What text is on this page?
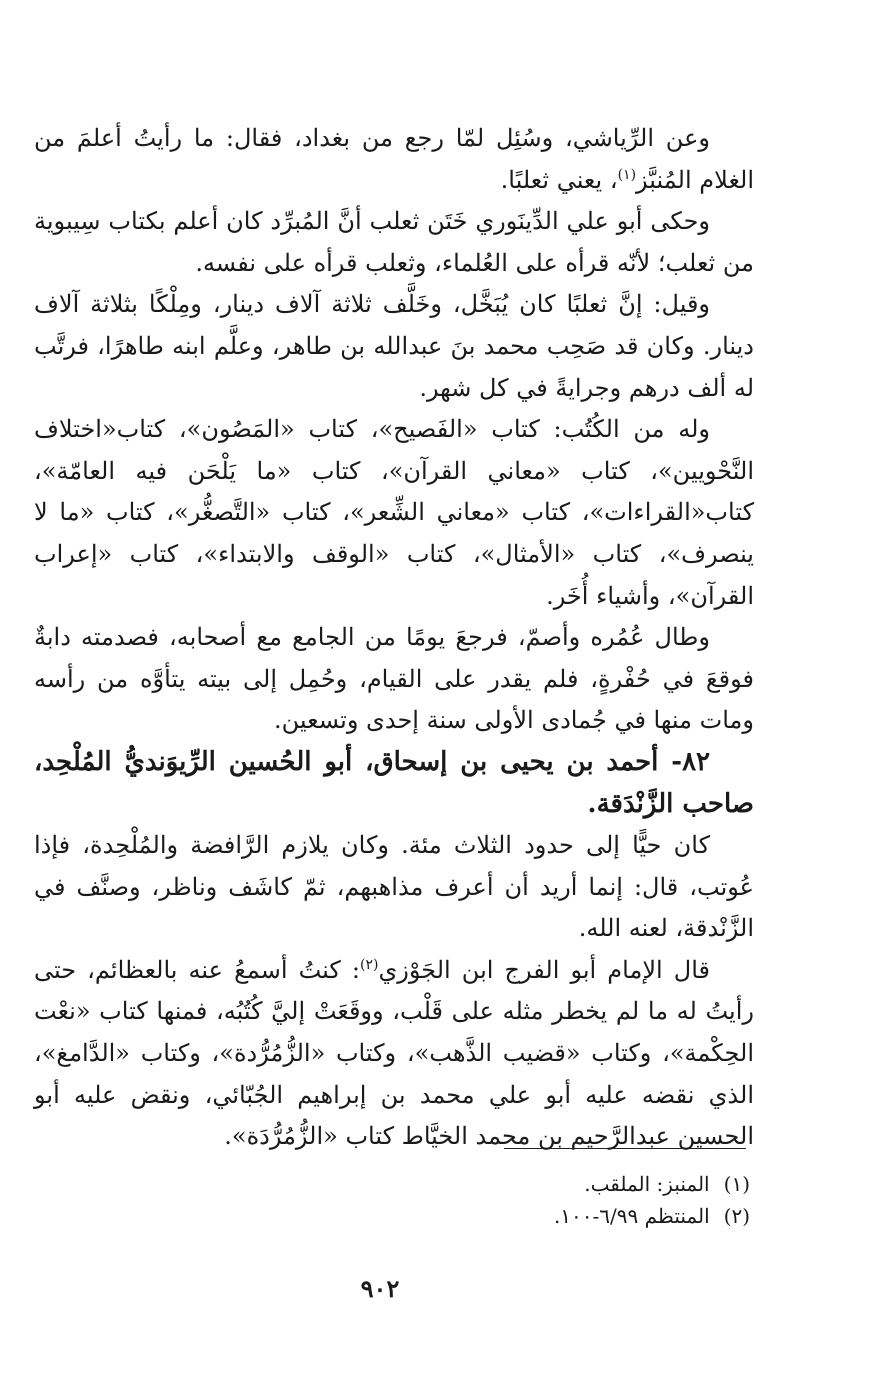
وعن الرِّياشي، وسُئِل لمّا رجع من بغداد، فقال: ما رأيتُ أعلمَ من الغلام المُنبَّز$^{(١)}$، يعني ثعلبًا.

وحكى أبو علي الدِّينَوري خَتَن ثعلب أنَّ المُبرِّد كان أعلم بكتاب سِيبوية من ثعلب؛ لأنّه قرأه على العُلماء، وثعلب قرأه على نفسه.

وقيل: إنَّ ثعلبًا كان يُبَخَّل، وخَلَّف ثلاثة آلاف دينار، ومِلْكًا بثلاثة آلاف دينار. وكان قد صَحِب محمد بنَ عبدالله بن طاهر، وعلَّم ابنه طاهرًا، فرتَّب له ألف درهم وجرايةً في كل شهر.

وله من الكُتُب: كتاب «الفَصيح»، كتاب «المَصُون»، كتاب«اختلاف النَّحْويين»، كتاب «معاني القرآن»، كتاب «ما يَلْحَن فيه العامّة»، كتاب«القراءات»، كتاب «معاني الشِّعر»، كتاب «التَّصغُّر»، كتاب «ما لا ينصرف»، كتاب «الأمثال»، كتاب «الوقف والابتداء»، كتاب «إعراب القرآن»، وأشياء أُخَر.

وطال عُمُره وأصمّ، فرجعَ يومًا من الجامع مع أصحابه، فصدمته دابةٌ فوقعَ في حُفْرةٍ، فلم يقدر على القيام، وحُمِل إلى بيته يتأوَّه من رأسه ومات منها في جُمادى الأولى سنة إحدى وتسعين.

٨٢- أحمد بن يحيى بن إسحاق، أبو الحُسين الرِّيوَنديُّ المُلْحِد، صاحب الزَّنْدَقة.

كان حيًّا إلى حدود الثلاث مئة. وكان يلازم الرَّافضة والمُلْحِدة، فإذا عُوتب، قال: إنما أريد أن أعرف مذاهبهم، ثمّ كاشَف وناظر، وصنَّف في الزَّنْدقة، لعنه الله.

قال الإمام أبو الفرج ابن الجَوْزي$^{(٢)}$: كنتُ أسمعُ عنه بالعظائم، حتى رأيتُ له ما لم يخطر مثله على قَلْب، ووقَعَتْ إليَّ كُتُبُه، فمنها كتاب «نعْت الحِكْمة»، وكتاب «قضيب الذَّهب»، وكتاب «الزُّمُرُّدة»، وكتاب «الدَّامغ»، الذي نقضه عليه أبو علي محمد بن إبراهيم الجُبّائي، ونقض عليه أبو الحسين عبدالرَّحيم بن محمد الخيَّاط كتاب «الزُّمُرُّدَة».

(١)المنبز: الملقب.

(٢)المنتظم ٦/٩٩-١٠٠.

٩٠٢
